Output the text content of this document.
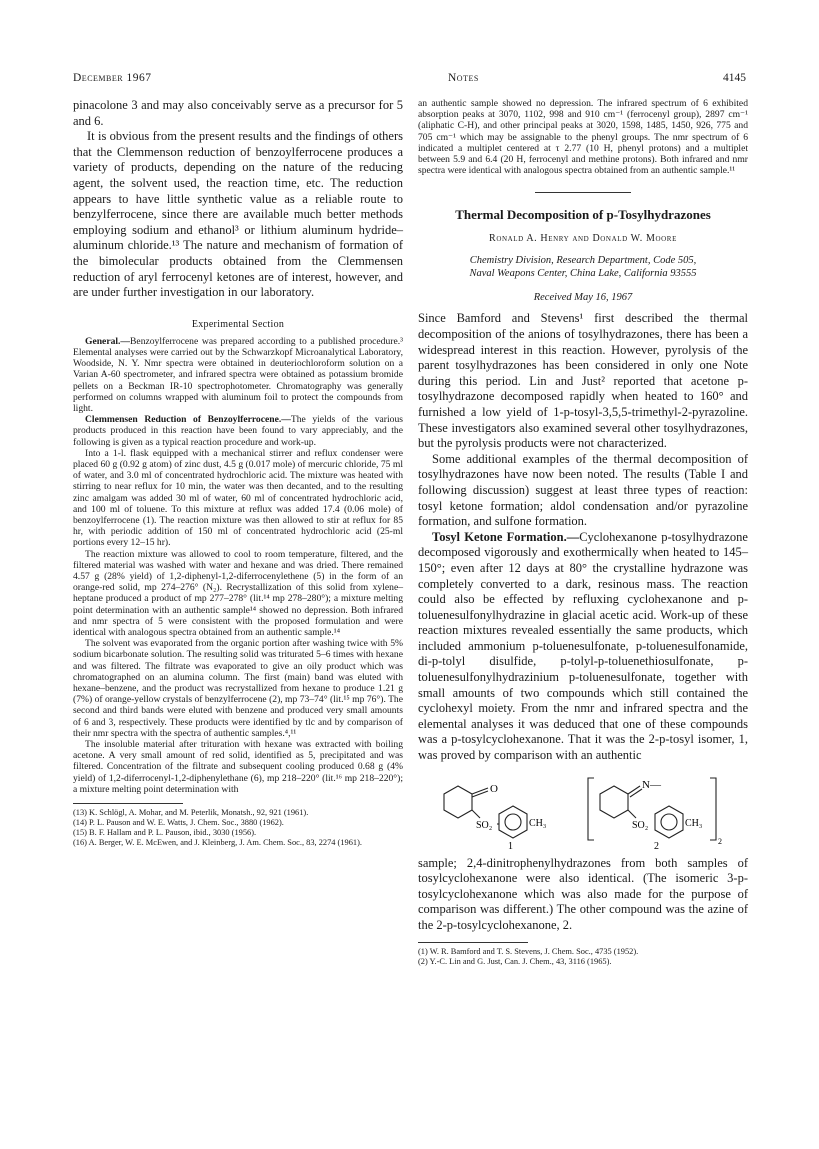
December 1967	Notes	4145

pinacolone 3 and may also conceivably serve as a precursor for 5 and 6.

It is obvious from the present results and the findings of others that the Clemmenson reduction of benzoylferrocene produces a variety of products, depending on the nature of the reducing agent, the solvent used, the reaction time, etc. The reduction appears to have little synthetic value as a reliable route to benzylferrocene, since there are available much better methods employing sodium and ethanol³ or lithium aluminum hydride–aluminum chloride.¹³ The nature and mechanism of formation of the bimolecular products obtained from the Clemmensen reduction of aryl ferrocenyl ketones are of interest, however, and are under further investigation in our laboratory.

Experimental Section

General.—Benzoylferrocene was prepared according to a published procedure.³ Elemental analyses were carried out by the Schwarzkopf Microanalytical Laboratory, Woodside, N. Y. Nmr spectra were obtained in deuteriochloroform solution on a Varian A-60 spectrometer, and infrared spectra were obtained as potassium bromide pellets on a Beckman IR-10 spectrophotometer. Chromatography was generally performed on columns wrapped with aluminum foil to protect the compounds from light.

Clemmensen Reduction of Benzoylferrocene.—The yields of the various products produced in this reaction have been found to vary appreciably, and the following is given as a typical reaction procedure and work-up.

Into a 1-l. flask equipped with a mechanical stirrer and reflux condenser were placed 60 g (0.92 g atom) of zinc dust, 4.5 g (0.017 mole) of mercuric chloride, 75 ml of water, and 3.0 ml of concentrated hydrochloric acid. The mixture was heated with stirring to near reflux for 10 min, the water was then decanted, and to the resulting zinc amalgam was added 30 ml of water, 60 ml of concentrated hydrochloric acid, and 100 ml of toluene. To this mixture at reflux was added 17.4 (0.06 mole) of benzoylferrocene (1). The reaction mixture was then allowed to stir at reflux for 85 hr, with periodic addition of 150 ml of concentrated hydrochloric acid (25-ml portions every 12–15 hr).

The reaction mixture was allowed to cool to room temperature, filtered, and the filtered material was washed with water and hexane and was dried. There remained 4.57 g (28% yield) of 1,2-diphenyl-1,2-diferrocenylethene (5) in the form of an orange-red solid, mp 274–276° (N₂). Recrystallization of this solid from xylene–heptane produced a product of mp 277–278° (lit.¹⁴ mp 278–280°); a mixture melting point determination with an authentic sample¹⁴ showed no depression. Both infrared and nmr spectra of 5 were consistent with the proposed formulation and were identical with analogous spectra obtained from an authentic sample.¹⁴

The solvent was evaporated from the organic portion after washing twice with 5% sodium bicarbonate solution. The resulting solid was triturated 5–6 times with hexane and was filtered. The filtrate was evaporated to give an oily product which was chromatographed on an alumina column. The first (main) band was eluted with hexane–benzene, and the product was recrystallized from hexane to produce 1.21 g (7%) of orange-yellow crystals of benzylferrocene (2), mp 73–74° (lit.¹⁵ mp 76°). The second and third bands were eluted with benzene and produced very small amounts of 6 and 3, respectively. These products were identified by tlc and by comparison of their nmr spectra with the spectra of authentic samples.⁴,¹¹

The insoluble material after trituration with hexane was extracted with boiling acetone. A very small amount of red solid, identified as 5, precipitated and was filtered. Concentration of the filtrate and subsequent cooling produced 0.68 g (4% yield) of 1,2-diferrocenyl-1,2-diphenylethane (6), mp 218–220° (lit.¹⁶ mp 218–220°); a mixture melting point determination with

(13) K. Schlögl, A. Mohar, and M. Peterlik, Monatsh., 92, 921 (1961).

(14) P. L. Pauson and W. E. Watts, J. Chem. Soc., 3880 (1962).

(15) B. F. Hallam and P. L. Pauson, ibid., 3030 (1956).

(16) A. Berger, W. E. McEwen, and J. Kleinberg, J. Am. Chem. Soc., 83, 2274 (1961).

an authentic sample showed no depression. The infrared spectrum of 6 exhibited absorption peaks at 3070, 1102, 998 and 910 cm⁻¹ (ferrocenyl group), 2897 cm⁻¹ (aliphatic C-H), and other principal peaks at 3020, 1598, 1485, 1450, 926, 775 and 705 cm⁻¹ which may be assignable to the phenyl groups. The nmr spectrum of 6 indicated a multiplet centered at τ 2.77 (10 H, phenyl protons) and a multiplet between 5.9 and 6.4 (20 H, ferrocenyl and methine protons). Both infrared and nmr spectra were identical with analogous spectra obtained from an authentic sample.¹¹

Thermal Decomposition of p-Tosylhydrazones
Ronald A. Henry and Donald W. Moore
Chemistry Division, Research Department, Code 505,
Naval Weapons Center, China Lake, California 93555
Received May 16, 1967

Since Bamford and Stevens¹ first described the thermal decomposition of the anions of tosylhydrazones, there has been a widespread interest in this reaction. However, pyrolysis of the parent tosylhydrazones has been considered in only one Note during this period. Lin and Just² reported that acetone p-tosylhydrazone decomposed rapidly when heated to 160° and furnished a low yield of 1-p-tosyl-3,5,5-trimethyl-2-pyrazoline. These investigators also examined several other tosylhydrazones, but the pyrolysis products were not characterized.

Some additional examples of the thermal decomposition of tosylhydrazones have now been noted. The results (Table I and following discussion) suggest at least three types of reaction: tosyl ketone formation; aldol condensation and/or pyrazoline formation, and sulfone formation.

Tosyl Ketone Formation.—Cyclohexanone p-tosylhydrazone decomposed vigorously and exothermically when heated to 145–150°; even after 12 days at 80° the crystalline hydrazone was completely converted to a dark, resinous mass. The reaction could also be effected by refluxing cyclohexanone and p-toluenesulfonylhydrazine in glacial acetic acid. Work-up of these reaction mixtures revealed essentially the same products, which included ammonium p-toluenesulfonate, p-toluenesulfonamide, di-p-tolyl disulfide, p-tolyl-p-toluenethiosulfonate, p-toluenesulfonylhydrazinium p-toluenesulfonate, together with small amounts of two compounds which still contained the cyclohexyl moiety. From the nmr and infrared spectra and the elemental analyses it was deduced that one of these compounds was a p-tosylcyclohexanone. That it was the 2-p-tosyl isomer, 1, was proved by comparison with an authentic

O
SO₂	CH₃
N—
SO₂	CH₃
2
1	2

sample; 2,4-dinitrophenylhydrazones from both samples of tosylcyclohexanone were also identical. (The isomeric 3-p-tosylcyclohexanone which was also made for the purpose of comparison was different.) The other compound was the azine of the 2-p-tosylcyclohexanone, 2.

(1) W. R. Bamford and T. S. Stevens, J. Chem. Soc., 4735 (1952).

(2) Y.-C. Lin and G. Just, Can. J. Chem., 43, 3116 (1965).
